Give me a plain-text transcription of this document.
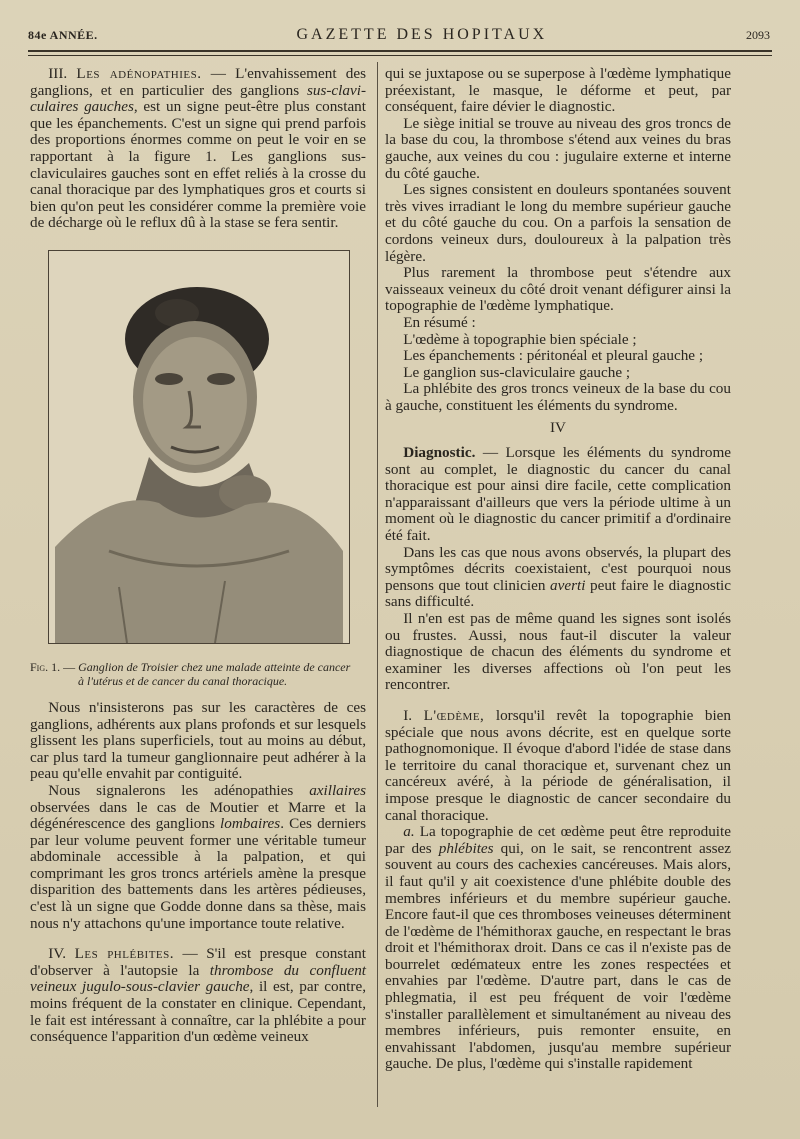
84e ANNÉE.	GAZETTE DES HOPITAUX	2093

III. Les adénopathies. — L'envahissement des ganglions, et en particulier des ganglions sus-clavi-culaires gauches, est un signe peut-être plus constant que les épanchements. C'est un signe qui prend parfois des proportions énormes comme on peut le voir en se rapportant à la figure 1. Les ganglions sus-claviculaires gauches sont en effet reliés à la crosse du canal thoracique par des lymphatiques gros et courts si bien qu'on peut les considérer comme la première voie de décharge où le reflux dû à la stase se fera sentir.

Fig. 1. — Ganglion de Troisier chez une malade atteinte de cancer
à l'utérus et de cancer du canal thoracique.

Nous n'insisterons pas sur les caractères de ces ganglions, adhérents aux plans profonds et sur lesquels glissent les plans superficiels, tout au moins au début, car plus tard la tumeur ganglionnaire peut adhérer à la peau qu'elle envahit par contiguité.

Nous signalerons les adénopathies axillaires observées dans le cas de Moutier et Marre et la dégénérescence des ganglions lombaires. Ces derniers par leur volume peuvent former une véritable tumeur abdominale accessible à la palpation, et qui comprimant les gros troncs artériels amène la presque disparition des battements dans les artères pédieuses, c'est là un signe que Godde donne dans sa thèse, mais nous n'y attachons qu'une importance toute relative.

IV. Les phlébites. — S'il est presque constant d'observer à l'autopsie la thrombose du confluent veineux jugulo-sous-clavier gauche, il est, par contre, moins fréquent de la constater en clinique. Cependant, le fait est intéressant à connaître, car la phlébite a pour conséquence l'apparition d'un œdème veineux

qui se juxtapose ou se superpose à l'œdème lymphatique préexistant, le masque, le déforme et peut, par conséquent, faire dévier le diagnostic.

Le siège initial se trouve au niveau des gros troncs de la base du cou, la thrombose s'étend aux veines du bras gauche, aux veines du cou : jugulaire externe et interne du côté gauche.

Les signes consistent en douleurs spontanées souvent très vives irradiant le long du membre supérieur gauche et du côté gauche du cou. On a parfois la sensation de cordons veineux durs, douloureux à la palpation très légère.

Plus rarement la thrombose peut s'étendre aux vaisseaux veineux du côté droit venant défigurer ainsi la topographie de l'œdème lymphatique.

En résumé :

L'œdème à topographie bien spéciale ;

Les épanchements : péritonéal et pleural gauche ;

Le ganglion sus-claviculaire gauche ;

La phlébite des gros troncs veineux de la base du cou à gauche, constituent les éléments du syndrome.

IV

Diagnostic. — Lorsque les éléments du syndrome sont au complet, le diagnostic du cancer du canal thoracique est pour ainsi dire facile, cette complication n'apparaissant d'ailleurs que vers la période ultime à un moment où le diagnostic du cancer primitif a d'ordinaire été fait.

Dans les cas que nous avons observés, la plupart des symptômes décrits coexistaient, c'est pourquoi nous pensons que tout clinicien averti peut faire le diagnostic sans difficulté.

Il n'en est pas de même quand les signes sont isolés ou frustes. Aussi, nous faut-il discuter la valeur diagnostique de chacun des éléments du syndrome et examiner les diverses affections où l'on peut les rencontrer.

I. L'œdème, lorsqu'il revêt la topographie bien spéciale que nous avons décrite, est en quelque sorte pathognomonique. Il évoque d'abord l'idée de stase dans le territoire du canal thoracique et, survenant chez un cancéreux avéré, à la période de généralisation, il impose presque le diagnostic de cancer secondaire du canal thoracique.

a. La topographie de cet œdème peut être reproduite par des phlébites qui, on le sait, se rencontrent assez souvent au cours des cachexies cancéreuses. Mais alors, il faut qu'il y ait coexistence d'une phlébite double des membres inférieurs et du membre supérieur gauche. Encore faut-il que ces thromboses veineuses déterminent de l'œdème de l'hémithorax gauche, en respectant le bras droit et l'hémithorax droit. Dans ce cas il n'existe pas de bourrelet œdémateux entre les zones respectées et envahies par l'œdème. D'autre part, dans le cas de phlegmatia, il est peu fréquent de voir l'œdème s'installer parallèlement et simultanément au niveau des membres inférieurs, puis remonter ensuite, en envahissant l'abdomen, jusqu'au membre supérieur gauche. De plus, l'œdème qui s'installe rapidement
